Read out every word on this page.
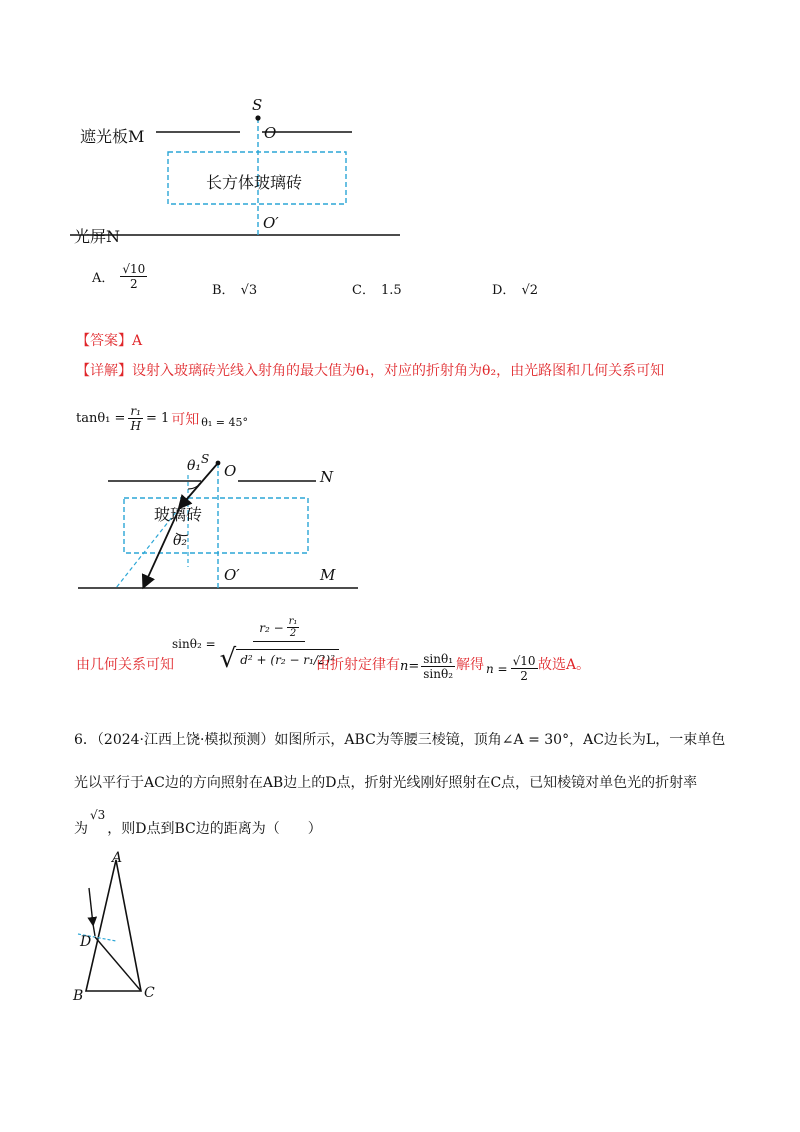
S
O
O′
遮光板M
长方体玻璃砖
光屏N
A． $\frac{√10}{2}$	B． √3	C． 1.5	D． √2
【答案】A
【详解】设射入玻璃砖光线入射角的最大值为θ₁，对应的折射角为θ₂，由光路图和几何关系可知
$\tan\theta_1 = \frac{\text{r₁}}{H} = 1$ 可知 θ₁ = 45°
θ₁ S
O	N
玻璃砖
θ₂
O′	M
由几何关系可知
$\sin\theta_2 = \frac{r_2 - \frac{\text{r₁}}{2}}{\text{√ d² + (r₂ − r₁/2)²}}$
由折射定律有 $n= \frac{\text{sinθ₁}}{\text{sinθ₂}}$ 解得 $n = \frac{√10}{2}$ 故选A。
6．（2024·江西上饶·模拟预测）如图所示，ABC为等腰三棱镜，顶角∠A = 30°，AC边长为L，一束单色
光以平行于AC边的方向照射在AB边上的D点，折射光线刚好照射在C点，已知棱镜对单色光的折射率
为
√3
，则D点到BC边的距离为（　　）
A
D
B	C
